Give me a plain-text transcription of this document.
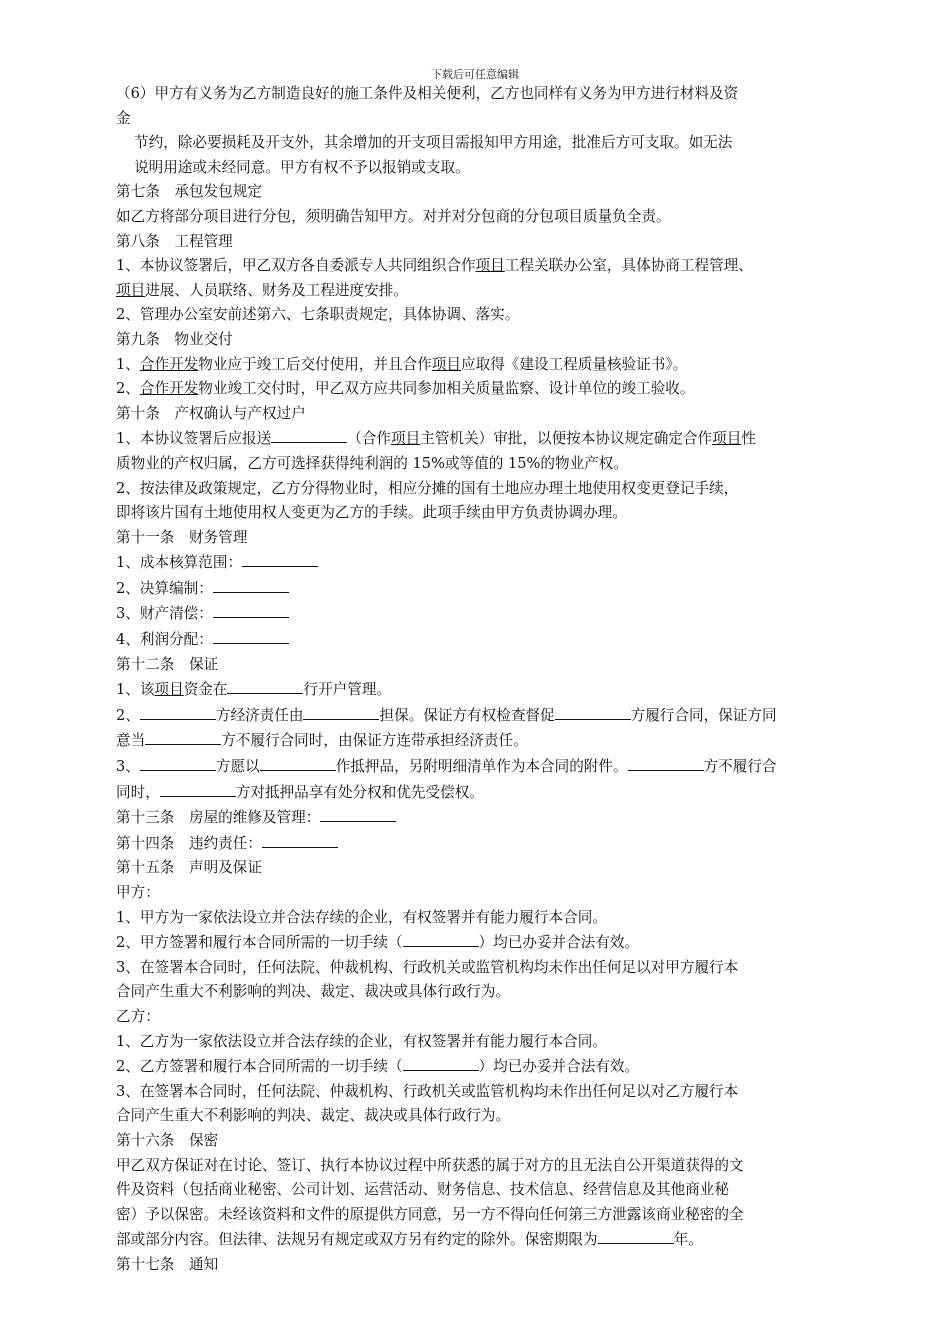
下载后可任意编辑
（6）甲方有义务为乙方制造良好的施工条件及相关便利，乙方也同样有义务为甲方进行材料及资
金
节约，除必要损耗及开支外，其余增加的开支项目需报知甲方用途，批准后方可支取。如无法
说明用途或未经同意。甲方有权不予以报销或支取。
第七条　承包发包规定
如乙方将部分项目进行分包，须明确告知甲方。对并对分包商的分包项目质量负全责。
第八条　工程管理
1、本协议签署后，甲乙双方各自委派专人共同组织合作项目工程关联办公室，具体协商工程管理、
项目进展、人员联络、财务及工程进度安排。
2、管理办公室安前述第六、七条职责规定，具体协调、落实。
第九条　物业交付
1、合作开发物业应于竣工后交付使用，并且合作项目应取得《建设工程质量核验证书》。
2、合作开发物业竣工交付时，甲乙双方应共同参加相关质量监察、设计单位的竣工验收。
第十条　产权确认与产权过户
1、本协议签署后应报送	（合作项目主管机关）审批，以便按本协议规定确定合作项目性
质物业的产权归属，乙方可选择获得纯利润的 15%或等值的 15%的物业产权。
2、按法律及政策规定，乙方分得物业时，相应分摊的国有土地应办理土地使用权变更登记手续，
即将该片国有土地使用权人变更为乙方的手续。此项手续由甲方负责协调办理。
第十一条　财务管理
1、成本核算范围：
2、决算编制：
3、财产清偿：
4、利润分配：
第十二条　保证
1、该项目资金在	行开户管理。
2、	方经济责任由	担保。保证方有权检查督促	方履行合同，保证方同
意当	方不履行合同时，由保证方连带承担经济责任。
3、	方愿以	作抵押品，另附明细清单作为本合同的附件。	方不履行合
同时，	方对抵押品享有处分权和优先受偿权。
第十三条　房屋的维修及管理：
第十四条　违约责任：
第十五条　声明及保证
甲方：
1、甲方为一家依法设立并合法存续的企业，有权签署并有能力履行本合同。
2、甲方签署和履行本合同所需的一切手续（	）均已办妥并合法有效。
3、在签署本合同时，任何法院、仲裁机构、行政机关或监管机构均未作出任何足以对甲方履行本
合同产生重大不利影响的判决、裁定、裁决或具体行政行为。
乙方：
1、乙方为一家依法设立并合法存续的企业，有权签署并有能力履行本合同。
2、乙方签署和履行本合同所需的一切手续（	）均已办妥并合法有效。
3、在签署本合同时，任何法院、仲裁机构、行政机关或监管机构均未作出任何足以对乙方履行本
合同产生重大不利影响的判决、裁定、裁决或具体行政行为。
第十六条　保密
甲乙双方保证对在讨论、签订、执行本协议过程中所获悉的属于对方的且无法自公开渠道获得的文
件及资料（包括商业秘密、公司计划、运营活动、财务信息、技术信息、经营信息及其他商业秘
密）予以保密。未经该资料和文件的原提供方同意，另一方不得向任何第三方泄露该商业秘密的全
部或部分内容。但法律、法规另有规定或双方另有约定的除外。保密期限为	年。
第十七条　通知
